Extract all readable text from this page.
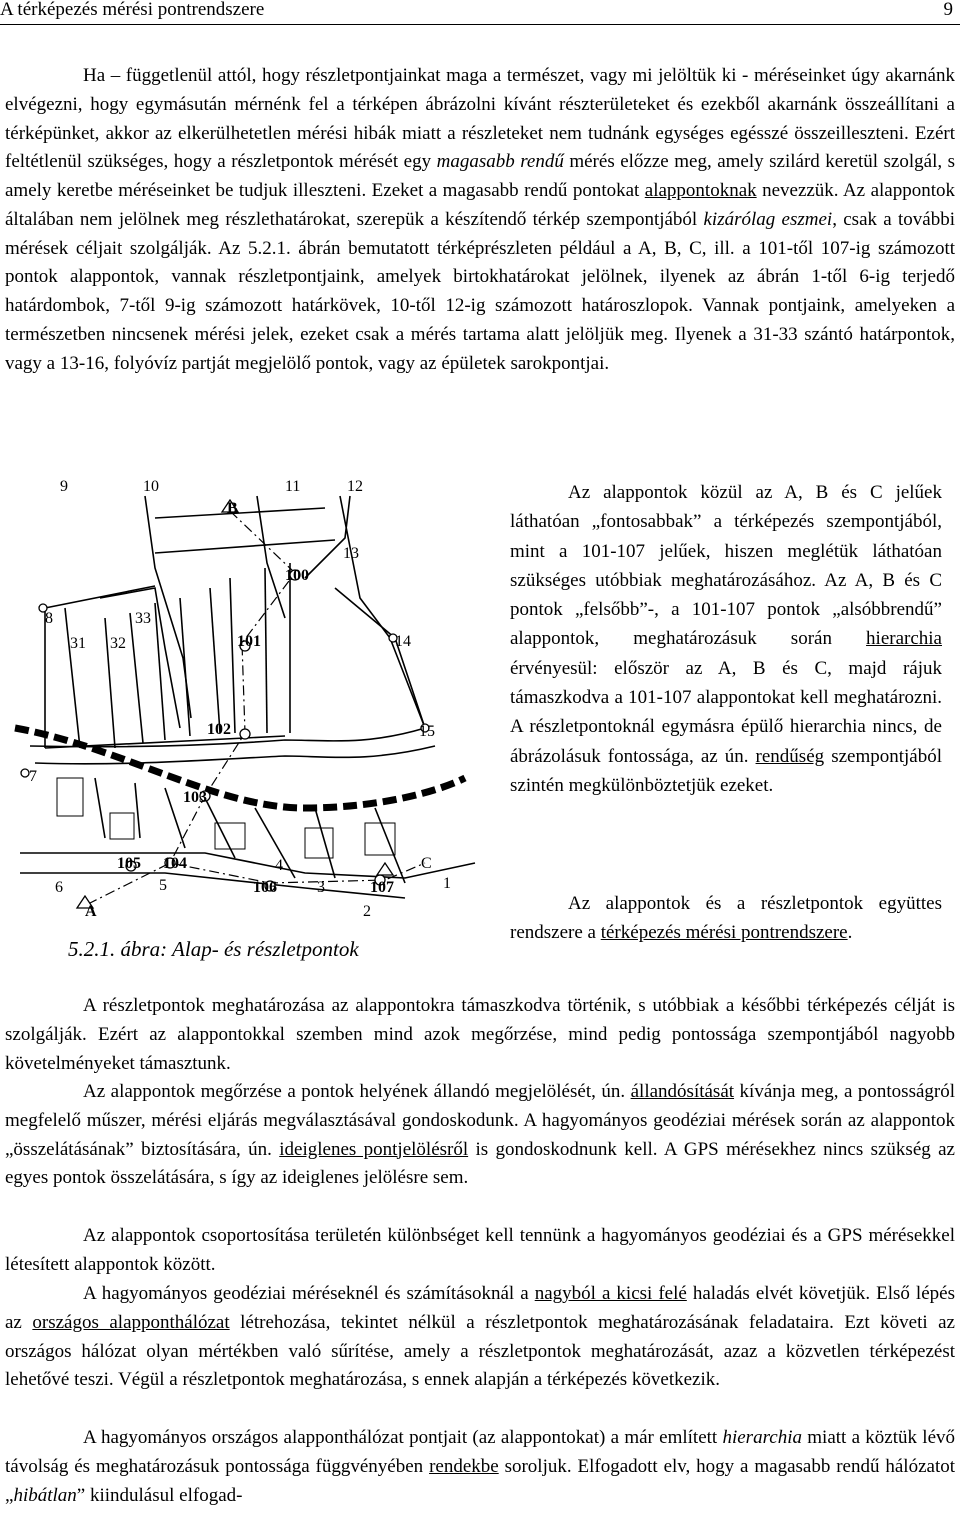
A térképezés mérési pontrendszere	9

Ha – függetlenül attól, hogy részletpontjainkat maga a természet, vagy mi jelöltük ki - méréseinket úgy akarnánk elvégezni, hogy egymásután mérnénk fel a térképen ábrázolni kívánt részterületeket és ezekből akarnánk összeállítani a térképünket, akkor az elkerülhetetlen mérési hibák miatt a részleteket nem tudnánk egységes egésszé összeilleszteni. Ezért feltétlenül szükséges, hogy a részletpontok mérését egy magasabb rendű mérés előzze meg, amely szilárd keretül szolgál, s amely keretbe méréseinket be tudjuk illeszteni. Ezeket a magasabb rendű pontokat alappontoknak nevezzük. Az alappontok általában nem jelölnek meg részlethatárokat, szerepük a készítendő térkép szempontjából kizárólag eszmei, csak a további mérések céljait szolgálják. Az 5.2.1. ábrán bemutatott térképrészleten például a A, B, C, ill. a 101-től 107-ig számozott pontok alappontok, vannak részletpontjaink, amelyek birtokhatárokat jelölnek, ilyenek az ábrán 1-től 6-ig terjedő határdombok, 7-től 9-ig számozott határkövek, 10-től 12-ig számozott határoszlopok. Vannak pontjaink, amelyeken a természetben nincsenek mérési jelek, ezeket csak a mérés tartama alatt jelöljük meg. Ilyenek a 31-33 szántó határpontok, vagy a 13-16, folyóvíz partját megjelölő pontok, vagy az épületek sarokpontjai.

9	10	11	12
B
13
100
8	33
31 32	101	14
102	15
7
103
105 104	4	C
6	5	106	3	107	1
A	2
5.2.1. ábra: Alap- és részletpontok

Az alappontok közül az A, B és C jelűek láthatóan „fontosabbak” a térképezés szempontjából, mint a 101-107 jelűek, hiszen meglétük láthatóan szükséges utóbbiak meghatározásához. Az A, B és C pontok „felsőbb”-, a 101-107 pontok „alsóbbrendű” alappontok, meghatározásuk során hierarchia érvényesül: először az A, B és C, majd rájuk támaszkodva a 101-107 alappontokat kell meghatározni. A részletpontoknál egymásra épülő hierarchia nincs, de ábrázolásuk fontossága, az ún. rendűség szempontjából szintén megkülönböztetjük ezeket.

Az alappontok és a részletpontok együttes rendszere a térképezés mérési pontrendszere.

A részletpontok meghatározása az alappontokra támaszkodva történik, s utóbbiak a későbbi térképezés célját is szolgálják. Ezért az alappontokkal szemben mind azok megőrzése, mind pedig pontossága szempontjából nagyobb követelményeket támasztunk.

Az alappontok megőrzése a pontok helyének állandó megjelölését, ún. állandósítását kívánja meg, a pontosságról megfelelő műszer, mérési eljárás megválasztásával gondoskodunk. A hagyományos geodéziai mérések során az alappontok „összelátásának” biztosítására, ún. ideiglenes pontjelölésről is gondoskodnunk kell. A GPS mérésekhez nincs szükség az egyes pontok összelátására, s így az ideiglenes jelölésre sem.

Az alappontok csoportosítása területén különbséget kell tennünk a hagyományos geodéziai és a GPS mérésekkel létesített alappontok között.

A hagyományos geodéziai méréseknél és számításoknál a nagyból a kicsi felé haladás elvét követjük. Első lépés az országos alapponthálózat létrehozása, tekintet nélkül a részletpontok meghatározásának feladataira. Ezt követi az országos hálózat olyan mértékben való sűrítése, amely a részletpontok meghatározását, azaz a közvetlen térképezést lehetővé teszi. Végül a részletpontok meghatározása, s ennek alapján a térképezés következik.

A hagyományos országos alapponthálózat pontjait (az alappontokat) a már említett hierarchia miatt a köztük lévő távolság és meghatározásuk pontossága függvényében rendekbe soroljuk. Elfogadott elv, hogy a magasabb rendű hálózatot „hibátlan” kiindulásul elfogad-
